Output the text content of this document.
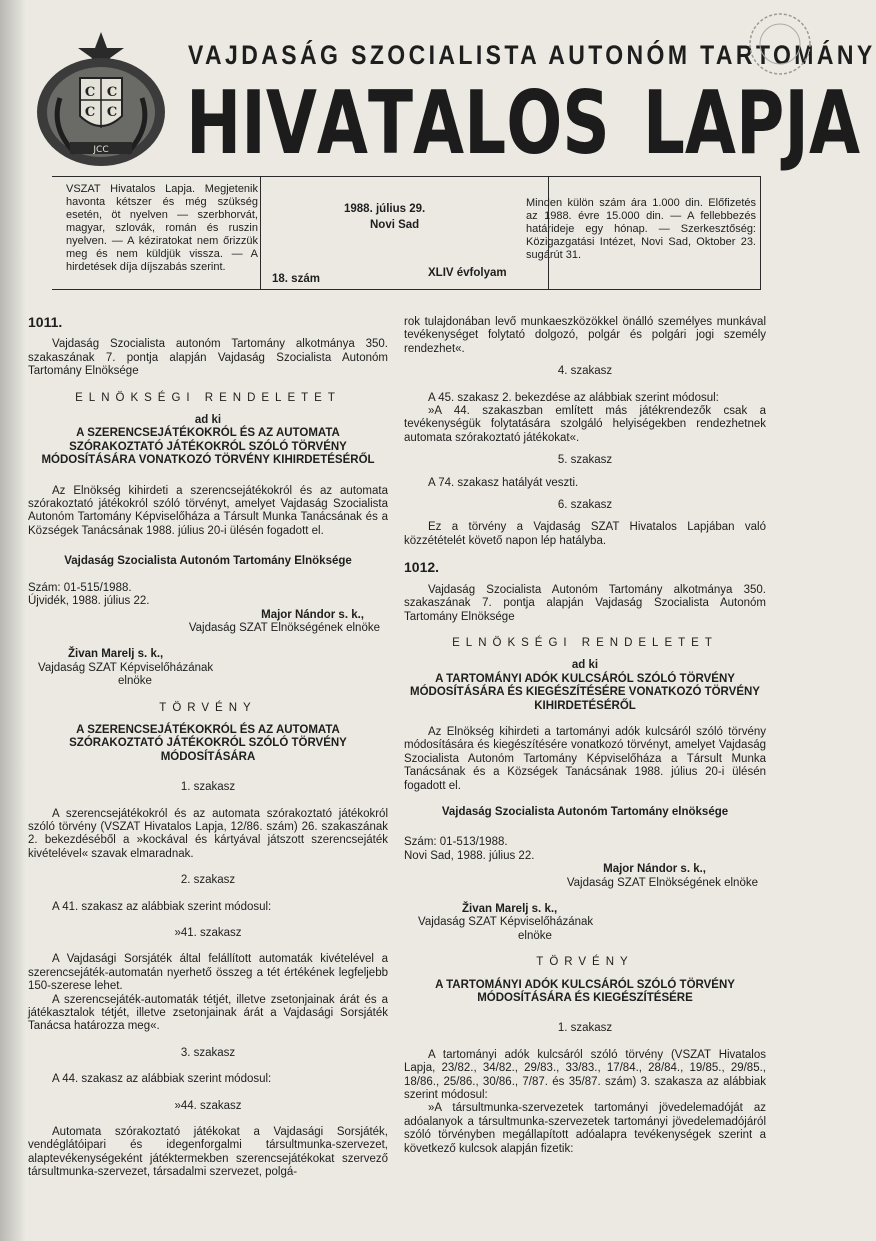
С С
С С
ЈСС
VAJDASÁG SZOCIALISTA AUTONÓM TARTOMÁNY
H I V A T A L O S
  L A P J A
VSZAT Hivatalos Lapja. Megjetenik havonta kétszer és még szükség esetén, öt nyelven — szerbhorvát, magyar, szlovák, román és ruszin nyelven. — A kéziratokat nem őrizzük meg és nem küldjük vissza. — A hirdetések díja díjszabás szerint.
1988. július 29.
Novi Sad
18. szám	XLIV évfolyam
Minden külön szám ára 1.000 din. Előfizetés az 1988. évre 15.000 din. — A fellebbezés határideje egy hónap. — Szerkesztőség: Közigazgatási Intézet, Novi Sad, Oktober 23. sugárút 31.

1011.

Vajdaság Szocialista autonóm Tartomány alkotmánya 350. szakaszának 7. pontja alapján Vajdaság Szocialista Autonóm Tartomány Elnöksége

ELNÖKSÉGI RENDELETET

ad ki

A SZERENCSEJÁTÉKOKRÓL ÉS AZ AUTOMATA SZÓRAKOZTATÓ JÁTÉKOKRÓL SZÓLÓ TÖRVÉNY MÓDOSÍTÁSÁRA VONATKOZÓ TÖRVÉNY KIHIRDETÉSÉRŐL

Az Elnökség kihirdeti a szerencsejátékokról és az automata szórakoztató játékokról szóló törvényt, amelyet Vajdaság Szocialista Autonóm Tartomány Képviselőháza a Társult Munka Tanácsának és a Községek Tanácsának 1988. július 20-i ülésén fogadott el.

Vajdaság Szocialista Autonóm Tartomány Elnöksége

Szám: 01-515/1988.

Újvidék, 1988. július 22.

Major Nándor s. k.,

Vajdaság SZAT Elnökségének elnöke

Živan Marelj s. k.,

Vajdaság SZAT Képviselőházának

elnöke

TÖRVÉNY

A SZERENCSEJÁTÉKOKRÓL ÉS AZ AUTOMATA SZÓRAKOZTATÓ JÁTÉKOKRÓL SZÓLÓ TÖRVÉNY MÓDOSÍTÁSÁRA

1. szakasz

A szerencsejátékokról és az automata szórakoztató játékokról szóló törvény (VSZAT Hivatalos Lapja, 12/86. szám) 26. szakaszának 2. bekezdéséből a »kockával és kártyával játszott szerencsejáték kivételével« szavak elmaradnak.

2. szakasz

A 41. szakasz az alábbiak szerint módosul:

»41. szakasz

A Vajdasági Sorsjáték által felállított automaták kivételével a szerencsejáték-automatán nyerhető összeg a tét értékének legfeljebb 150-szerese lehet.

A szerencsejáték-automaták tétjét, illetve zsetonjainak árát és a játékasztalok tétjét, illetve zsetonjainak árát a Vajdasági Sorsjáték Tanácsa határozza meg«.

3. szakasz

A 44. szakasz az alábbiak szerint módosul:

»44. szakasz

Automata szórakoztató játékokat a Vajdasági Sorsjáték, vendéglátóipari és idegenforgalmi társultmunka-szervezet, alaptevékenységeként játéktermekben szerencsejátékokat szervező társultmunka-szervezet, társadalmi szervezet, polgá-

rok tulajdonában levő munkaeszközökkel önálló személyes munkával tevékenységet folytató dolgozó, polgár és polgári jogi személy rendezhet«.

4. szakasz

A 45. szakasz 2. bekezdése az alábbiak szerint módosul:

»A 44. szakaszban említett más játékrendezők csak a tevékenységük folytatására szolgáló helyiségekben rendezhetnek automata szórakoztató játékokat«.

5. szakasz

A 74. szakasz hatályát veszti.

6. szakasz

Ez a törvény a Vajdaság SZAT Hivatalos Lapjában való közzétételét követő napon lép hatályba.

1012.

Vajdaság Szocialista Autonóm Tartomány alkotmánya 350. szakaszának 7. pontja alapján Vajdaság Szocialista Autonóm Tartomány Elnöksége

ELNÖKSÉGI RENDELETET

ad ki

A TARTOMÁNYI ADÓK KULCSÁRÓL SZÓLÓ TÖRVÉNY MÓDOSÍTÁSÁRA ÉS KIEGÉSZÍTÉSÉRE VONATKOZÓ TÖRVÉNY KIHIRDETÉSÉRŐL

Az Elnökség kihirdeti a tartományi adók kulcsáról szóló törvény módosítására és kiegészítésére vonatkozó törvényt, amelyet Vajdaság Szocialista Autonóm Tartomány Képviselőháza a Társult Munka Tanácsának és a Községek Tanácsának 1988. július 20-i ülésén fogadott el.

Vajdaság Szocialista Autonóm Tartomány elnöksége

Szám: 01-513/1988.

Novi Sad, 1988. július 22.

Major Nándor s. k.,

Vajdaság SZAT Elnökségének elnöke

Živan Marelj s. k.,

Vajdaság SZAT Képviselőházának

elnöke

TÖRVÉNY

A TARTOMÁNYI ADÓK KULCSÁRÓL SZÓLÓ TÖRVÉNY MÓDOSÍTÁSÁRA ÉS KIEGÉSZÍTÉSÉRE

1. szakasz

A tartományi adók kulcsáról szóló törvény (VSZAT Hivatalos Lapja, 23/82., 34/82., 29/83., 33/83., 17/84., 28/84., 19/85., 29/85., 18/86., 25/86., 30/86., 7/87. és 35/87. szám) 3. szakasza az alábbiak szerint módosul:

»A társultmunka-szervezetek tartományi jövedelemadóját az adóalanyok a társultmunka-szervezetek tartományi jövedelemadójáról szóló törvényben megállapított adóalapra tevékenységek szerint a következő kulcsok alapján fizetik:
